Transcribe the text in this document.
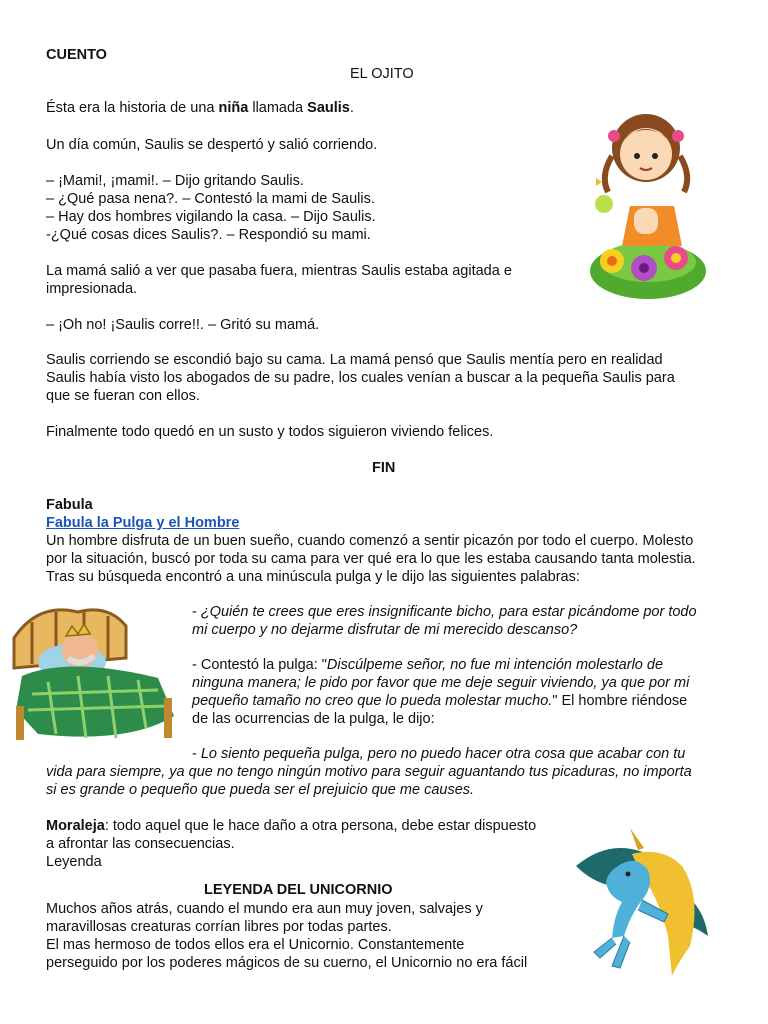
CUENTO

EL OJITO

Ésta era la historia de una niña llamada Saulis.

Un día común, Saulis se despertó y salió corriendo.

– ¡Mami!, ¡mami!. – Dijo gritando Saulis.

– ¿Qué pasa nena?. – Contestó la mami de Saulis.

– Hay dos hombres vigilando la casa. – Dijo Saulis.

-¿Qué cosas dices Saulis?. – Respondió su mami.

La mamá salió a ver que pasaba fuera, mientras Saulis estaba agitada e

impresionada.

– ¡Oh no! ¡Saulis corre!!. – Gritó su mamá.

Saulis corriendo se escondió bajo su cama. La mamá pensó que Saulis mentía pero en realidad

Saulis había visto los abogados de su padre, los cuales venían a buscar a la pequeña Saulis para

que se fueran con ellos.

Finalmente todo quedó en un susto y todos siguieron viviendo felices.

FIN

Fabula

Fabula la Pulga y el Hombre

Un hombre disfruta de un buen sueño, cuando comenzó a sentir picazón por todo el cuerpo. Molesto

por la situación, buscó por toda su cama para ver qué era lo que les estaba causando tanta molestia.

Tras su búsqueda encontró a una minúscula pulga y le dijo las siguientes palabras:

- ¿Quién te crees que eres insignificante bicho, para estar picándome por todo

mi cuerpo y no dejarme disfrutar de mi merecido descanso?

- Contestó la pulga: "Discúlpeme señor, no fue mi intención molestarlo de

ninguna manera; le pido por favor que me deje seguir viviendo, ya que por mi

pequeño tamaño no creo que lo pueda molestar mucho." El hombre riéndose

de las ocurrencias de la pulga, le dijo:

- Lo siento pequeña pulga, pero no puedo hacer otra cosa que acabar con tu

vida para siempre, ya que no tengo ningún motivo para seguir aguantando tus picaduras, no importa

si es grande o pequeño que pueda ser el prejuicio que me causes.

Moraleja: todo aquel que le hace daño a otra persona, debe estar dispuesto

a afrontar las consecuencias.

Leyenda

LEYENDA DEL UNICORNIO

Muchos años atrás, cuando el mundo era aun muy joven, salvajes y

maravillosas creaturas corrían libres por todas partes.

El mas hermoso de todos ellos era el Unicornio. Constantemente

perseguido por los poderes mágicos de su cuerno, el Unicornio no era fácil
